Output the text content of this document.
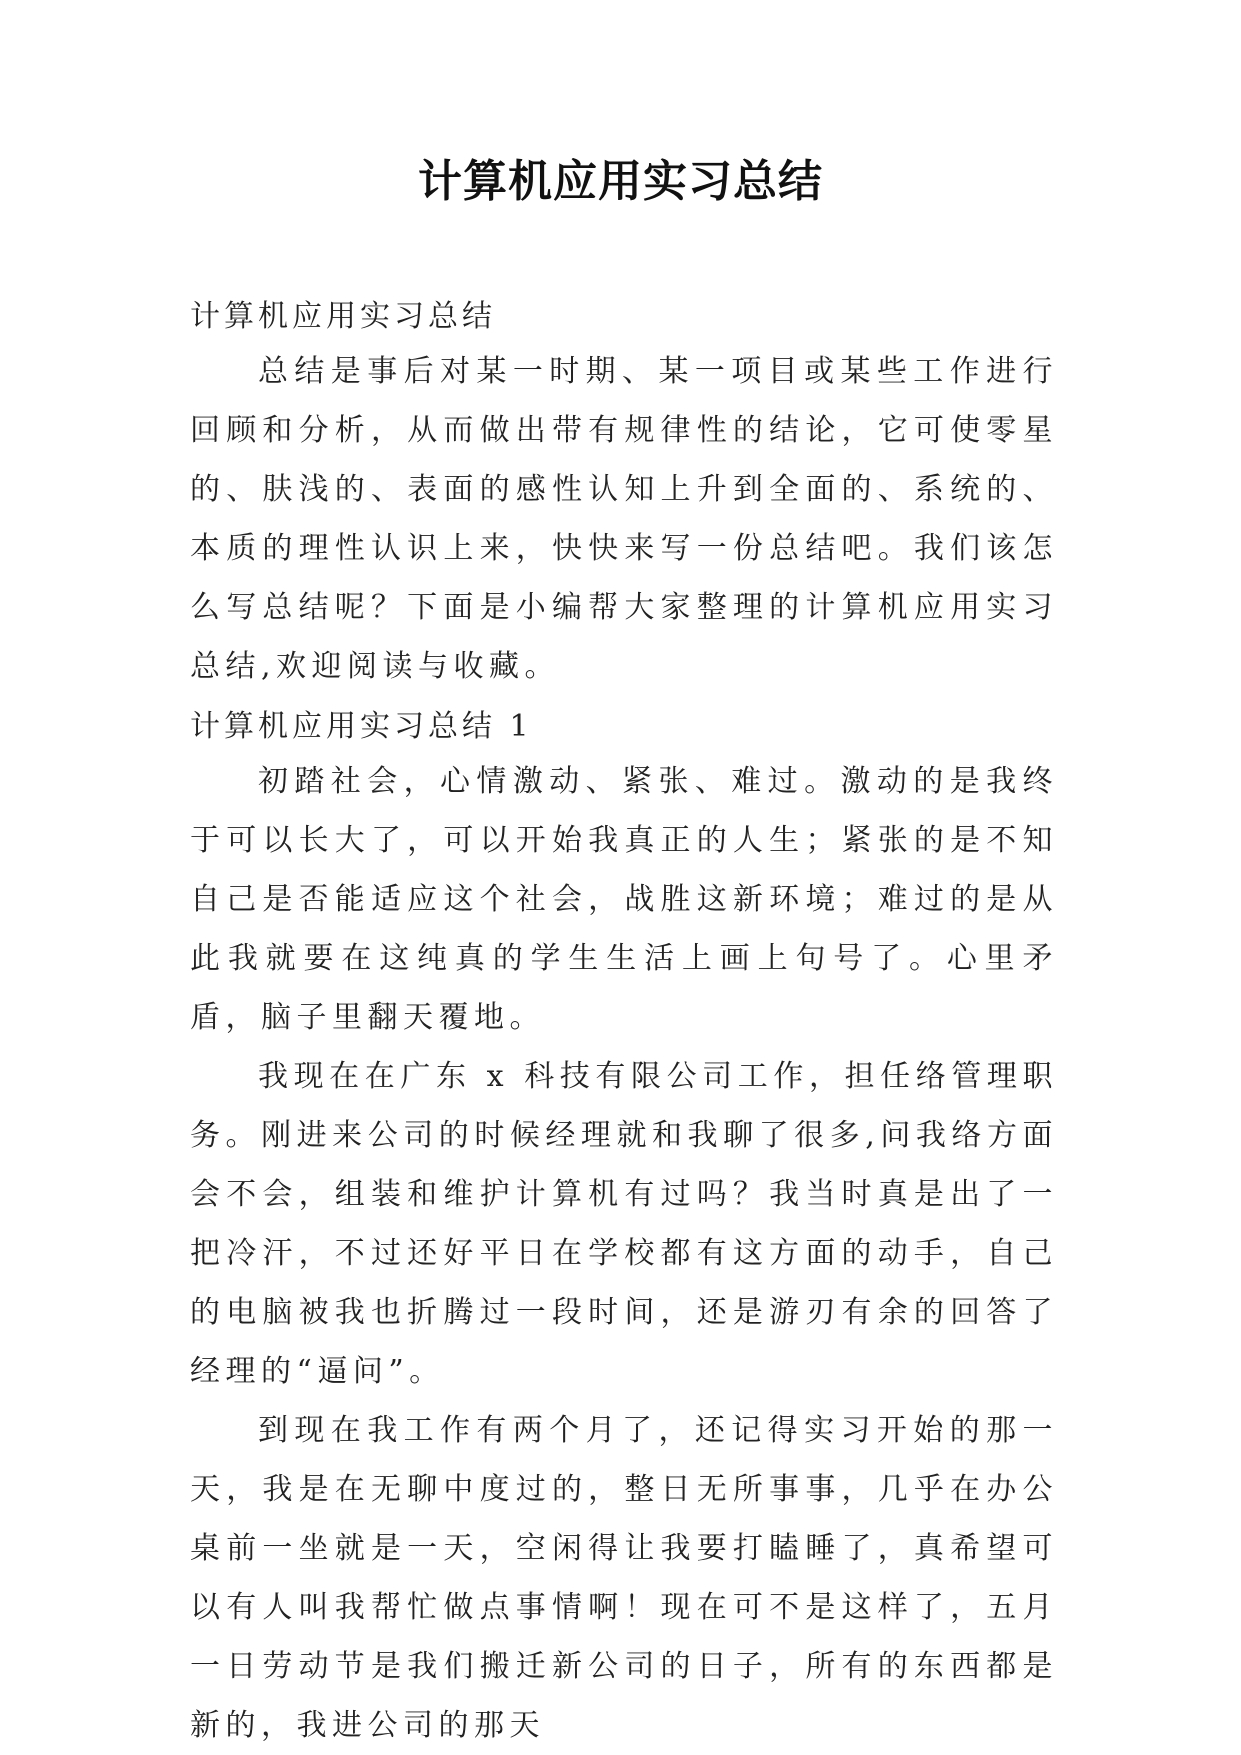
计算机应用实习总结
计算机应用实习总结

总结是事后对某一时期、某一项目或某些工作进行回顾和分析，从而做出带有规律性的结论，它可使零星的、肤浅的、表面的感性认知上升到全面的、系统的、本质的理性认识上来，快快来写一份总结吧。我们该怎么写总结呢？下面是小编帮大家整理的计算机应用实习总结,欢迎阅读与收藏。

计算机应用实习总结 1

初踏社会，心情激动、紧张、难过。激动的是我终于可以长大了，可以开始我真正的人生；紧张的是不知自己是否能适应这个社会，战胜这新环境；难过的是从此我就要在这纯真的学生生活上画上句号了。心里矛盾，脑子里翻天覆地。

我现在在广东 x 科技有限公司工作，担任络管理职务。刚进来公司的时候经理就和我聊了很多,问我络方面会不会，组装和维护计算机有过吗？我当时真是出了一把冷汗，不过还好平日在学校都有这方面的动手，自己的电脑被我也折腾过一段时间，还是游刃有余的回答了经理的“逼问”。

到现在我工作有两个月了，还记得实习开始的那一天，我是在无聊中度过的，整日无所事事，几乎在办公桌前一坐就是一天，空闲得让我要打瞌睡了，真希望可以有人叫我帮忙做点事情啊！现在可不是这样了，五月一日劳动节是我们搬迁新公司的日子，所有的东西都是新的，我进公司的那天
